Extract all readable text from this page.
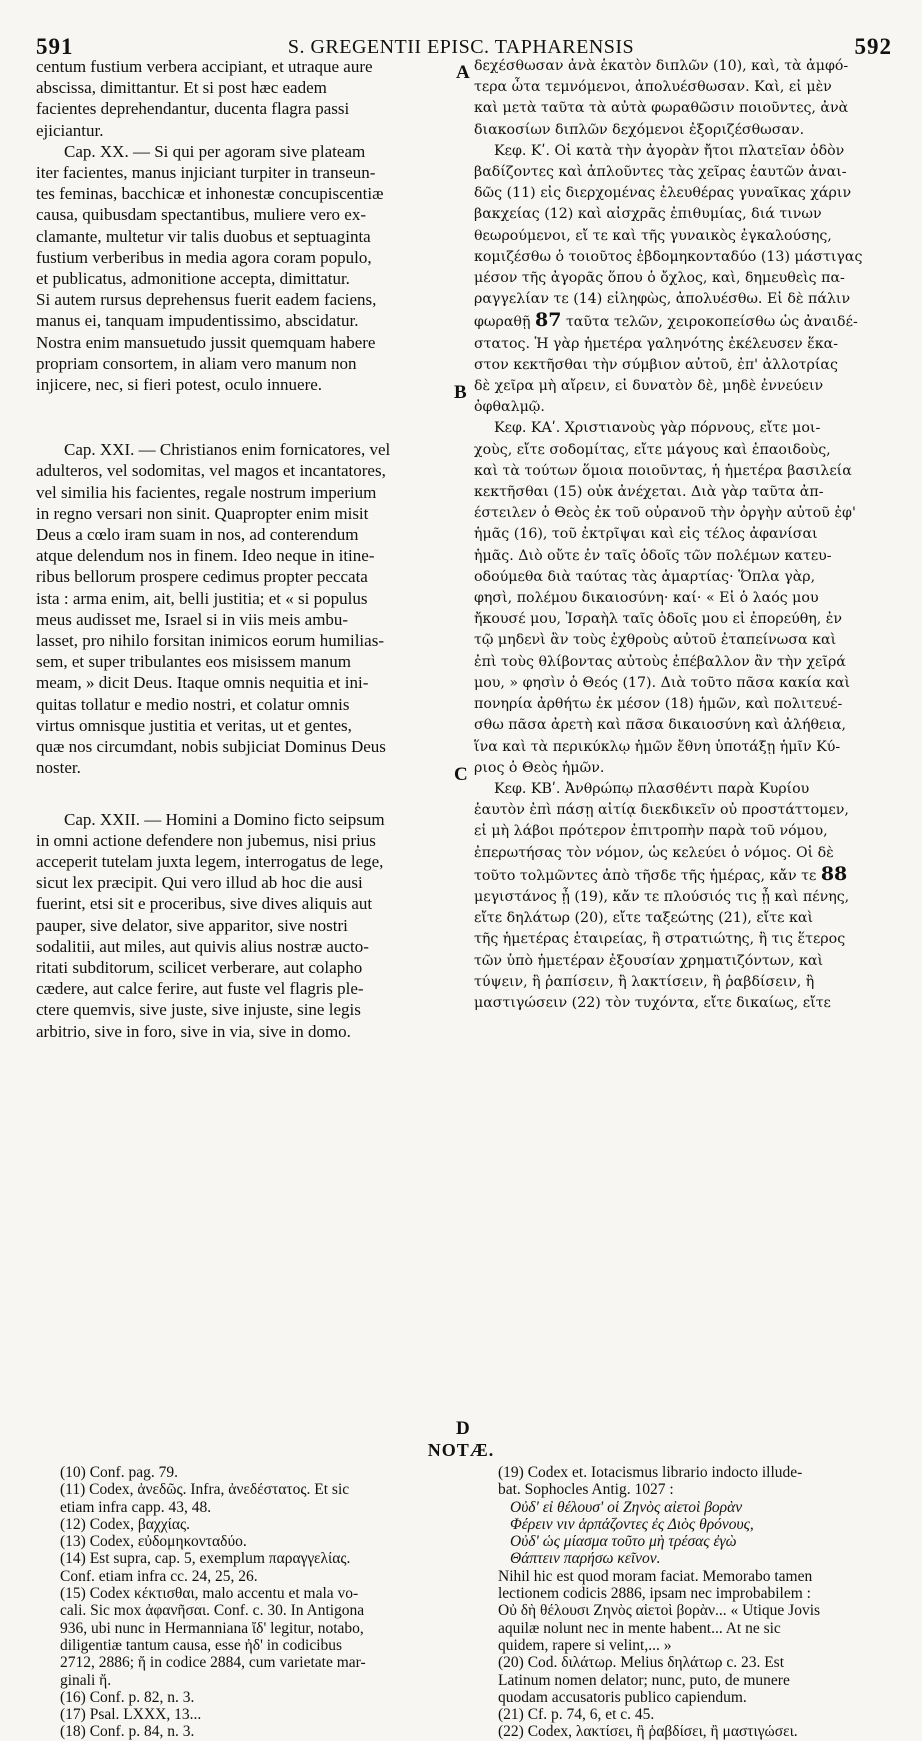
591	S. GREGENTII EPISC. TAPHARENSIS	592
A
B
C
D

centum fustium verbera accipiant, et utraque aure

abscissa, dimittantur. Et si post hæc eadem

facientes deprehendantur, ducenta flagra passi

ejiciantur.

Cap. XX. — Si qui per agoram sive plateam

iter facientes, manus injiciant turpiter in transeun-

tes feminas, bacchicæ et inhonestæ concupiscentiæ

causa, quibusdam spectantibus, muliere vero ex-

clamante, multetur vir talis duobus et septuaginta

fustium verberibus in media agora coram populo,

et publicatus, admonitione accepta, dimittatur.

Si autem rursus deprehensus fuerit eadem faciens,

manus ei, tanquam impudentissimo, abscidatur.

Nostra enim mansuetudo jussit quemquam habere

propriam consortem, in aliam vero manum non

injicere, nec, si fieri potest, oculo innuere.

Cap. XXI. — Christianos enim fornicatores, vel

adulteros, vel sodomitas, vel magos et incantatores,

vel similia his facientes, regale nostrum imperium

in regno versari non sinit. Quapropter enim misit

Deus a cœlo iram suam in nos, ad conterendum

atque delendum nos in finem. Ideo neque in itine-

ribus bellorum prospere cedimus propter peccata

ista : arma enim, ait, belli justitia; et « si populus

meus audisset me, Israel si in viis meis ambu-

lasset, pro nihilo forsitan inimicos eorum humilias-

sem, et super tribulantes eos misissem manum

meam, » dicit Deus. Itaque omnis nequitia et ini-

quitas tollatur e medio nostri, et colatur omnis

virtus omnisque justitia et veritas, ut et gentes,

quæ nos circumdant, nobis subjiciat Dominus Deus

noster.

Cap. XXII. — Homini a Domino ficto seipsum

in omni actione defendere non jubemus, nisi prius

acceperit tutelam juxta legem, interrogatus de lege,

sicut lex præcipit. Qui vero illud ab hoc die ausi

fuerint, etsi sit e proceribus, sive dives aliquis aut

pauper, sive delator, sive apparitor, sive nostri

sodalitii, aut miles, aut quivis alius nostræ aucto-

ritati subditorum, scilicet verberare, aut colapho

cædere, aut calce ferire, aut fuste vel flagris ple-

ctere quemvis, sive juste, sive injuste, sine legis

arbitrio, sive in foro, sive in via, sive in domo.

δεχέσθωσαν ἀνὰ ἑκατὸν διπλῶν (10), καὶ, τὰ ἀμφό-

τερα ὦτα τεμνόμενοι, ἀπολυέσθωσαν. Καὶ, εἰ μὲν

καὶ μετὰ ταῦτα τὰ αὐτὰ φωραθῶσιν ποιοῦντες, ἀνὰ

διακοσίων διπλῶν δεχόμενοι ἐξοριζέσθωσαν.

Κεφ. Κʹ. Οἱ κατὰ τὴν ἀγορὰν ἤτοι πλατεῖαν ὁδὸν

βαδίζοντες καὶ ἁπλοῦντες τὰς χεῖρας ἑαυτῶν ἀναι-

δῶς (11) εἰς διερχομένας ἐλευθέρας γυναῖκας χάριν

βακχείας (12) καὶ αἰσχρᾶς ἐπιθυμίας, διά τινων

θεωρούμενοι, εἴ τε καὶ τῆς γυναικὸς ἐγκαλούσης,

κομιζέσθω ὁ τοιοῦτος ἑβδομηκονταδύο (13) μάστιγας

μέσον τῆς ἀγορᾶς ὅπου ὁ ὄχλος, καὶ, δημευθεὶς πα-

ραγγελίαν τε (14) εἰληφὼς, ἀπολυέσθω. Εἰ δὲ πάλιν

φωραθῇ 87 ταῦτα τελῶν, χειροκοπείσθω ὡς ἀναιδέ-

στατος. Ἡ γὰρ ἡμετέρα γαληνότης ἐκέλευσεν ἕκα-

στον κεκτῆσθαι τὴν σύμβιον αὐτοῦ, ἐπ' ἀλλοτρίας

δὲ χεῖρα μὴ αἴρειν, εἰ δυνατὸν δὲ, μηδὲ ἐννεύειν

ὀφθαλμῷ.

Κεφ. ΚΑʹ. Χριστιανοὺς γὰρ πόρνους, εἴτε μοι-

χοὺς, εἴτε σοδομίτας, εἴτε μάγους καὶ ἐπαοιδοὺς,

καὶ τὰ τούτων ὅμοια ποιοῦντας, ἡ ἡμετέρα βασιλεία

κεκτῆσθαι (15) οὐκ ἀνέχεται. Διὰ γὰρ ταῦτα ἀπ-

έστειλεν ὁ Θεὸς ἐκ τοῦ οὐρανοῦ τὴν ὀργὴν αὐτοῦ ἐφ'

ἡμᾶς (16), τοῦ ἐκτρῖψαι καὶ εἰς τέλος ἀφανίσαι

ἡμᾶς. Διὸ οὔτε ἐν ταῖς ὁδοῖς τῶν πολέμων κατευ-

οδούμεθα διὰ ταύτας τὰς ἁμαρτίας· Ὅπλα γὰρ,

φησὶ, πολέμου δικαιοσύνη· καί· « Εἰ ὁ λαός μου

ἤκουσέ μου, Ἰσραὴλ ταῖς ὁδοῖς μου εἰ ἐπορεύθη, ἐν

τῷ μηδενὶ ἂν τοὺς ἐχθροὺς αὐτοῦ ἐταπείνωσα καὶ

ἐπὶ τοὺς θλίβοντας αὐτοὺς ἐπέβαλλον ἂν τὴν χεῖρά

μου, » φησὶν ὁ Θεός (17). Διὰ τοῦτο πᾶσα κακία καὶ

πονηρία ἀρθήτω ἐκ μέσον (18) ἡμῶν, καὶ πολιτευέ-

σθω πᾶσα ἀρετὴ καὶ πᾶσα δικαιοσύνη καὶ ἀλήθεια,

ἵνα καὶ τὰ περικύκλῳ ἡμῶν ἔθνη ὑποτάξῃ ἡμῖν Κύ-

ριος ὁ Θεὸς ἡμῶν.

Κεφ. ΚΒʹ. Ἀνθρώπῳ πλασθέντι παρὰ Κυρίου

ἑαυτὸν ἐπὶ πάσῃ αἰτίᾳ διεκδικεῖν οὐ προστάττομεν,

εἰ μὴ λάβοι πρότερον ἐπιτροπὴν παρὰ τοῦ νόμου,

ἐπερωτήσας τὸν νόμον, ὡς κελεύει ὁ νόμος. Οἱ δὲ

τοῦτο τολμῶντες ἀπὸ τῆσδε τῆς ἡμέρας, κἄν τε 88

μεγιστάνος ᾖ (19), κἄν τε πλούσιός τις ᾖ καὶ πένης,

εἴτε δηλάτωρ (20), εἴτε ταξεώτης (21), εἴτε καὶ

τῆς ἡμετέρας ἑταιρείας, ἢ στρατιώτης, ἢ τις ἕτερος

τῶν ὑπὸ ἡμετέραν ἐξουσίαν χρηματιζόντων, καὶ

τύψειν, ἢ ῥαπίσειν, ἢ λακτίσειν, ἢ ῥαβδίσειν, ἢ

μαστιγώσειν (22) τὸν τυχόντα, εἴτε δικαίως, εἴτε

NOTÆ.

(10) Conf. pag. 79.

(11) Codex, ἀνεδῶς. Infra, ἀνεδέστατος. Et sic

etiam infra capp. 43, 48.

(12) Codex, βαχχίας.

(13) Codex, εὐδομηκονταδύο.

(14) Est supra, cap. 5, exemplum παραγγελίας.

Conf. etiam infra cc. 24, 25, 26.

(15) Codex κέκτισθαι, malo accentu et mala vo-

cali. Sic mox ἀφανῆσαι. Conf. c. 30. In Antigona

936, ubi nunc in Hermanniana ἴδ' legitur, notabo,

diligentiæ tantum causa, esse ἠδ' in codicibus

2712, 2886; ἤ in codice 2884, cum varietate mar-

ginali ἤ.

(16) Conf. p. 82, n. 3.

(17) Psal. LXXX, 13...

(18) Conf. p. 84, n. 3.

(19) Codex et. Iotacismus librario indocto illude-

bat. Sophocles Antig. 1027 :

Οὐδ' εἰ θέλουσ' οἱ Ζηνὸς αἰετοὶ βορὰν

Φέρειν νιν ἁρπάζοντες ἐς Διὸς θρόνους,

Οὐδ' ὡς μίασμα τοῦτο μὴ τρέσας ἐγὼ

Θάπτειν παρήσω κεῖνον.

Nihil hic est quod moram faciat. Memorabo tamen

lectionem codicis 2886, ipsam nec improbabilem :

Οὐ δὴ θέλουσι Ζηνὸς αἰετοὶ βορὰν... « Utique Jovis

aquilæ nolunt nec in mente habent... At ne sic

quidem, rapere si velint,... »

(20) Cod. διλάτωρ. Melius δηλάτωρ c. 23. Est

Latinum nomen delator; nunc, puto, de munere

quodam accusatoris publico capiendum.

(21) Cf. p. 74, 6, et c. 45.

(22) Codex, λακτίσει, ἢ ῥαβδίσει, ἢ μαστιγώσει.
